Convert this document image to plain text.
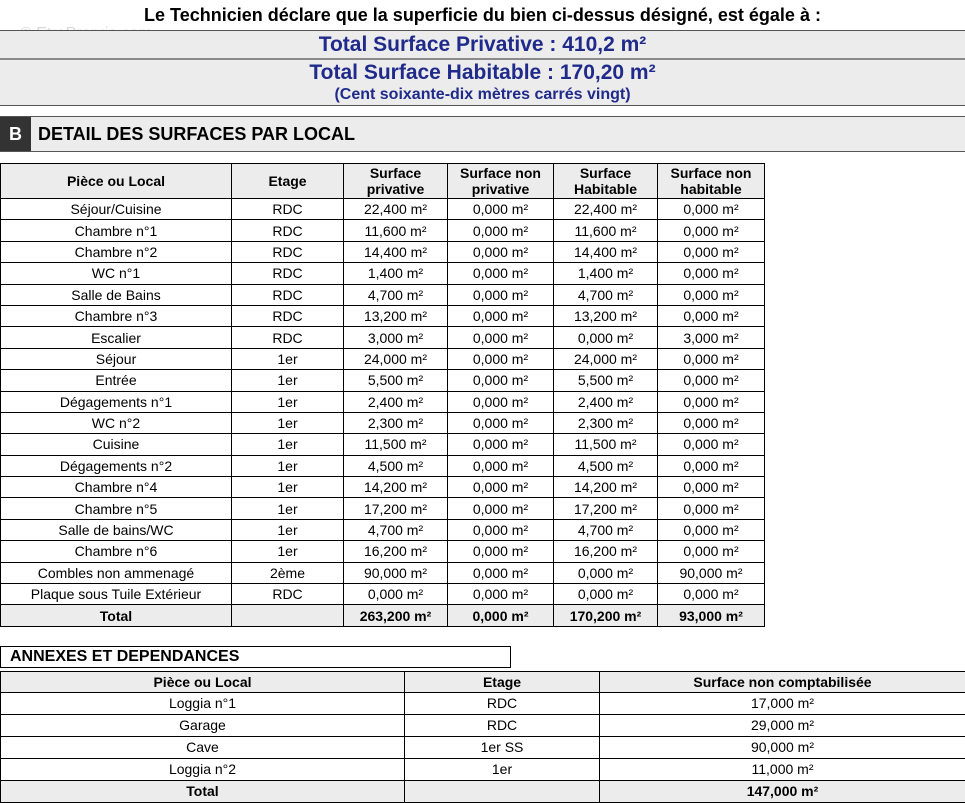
Le Technicien déclare que la superficie du bien ci-dessus désigné, est égale à :
Total Surface Privative : 410,2 m²
Total Surface Habitable : 170,20 m²
(Cent soixante-dix mètres carrés vingt)
B DETAIL DES SURFACES PAR LOCAL
Pièce ou Local	Etage	Surface privative	Surface non privative	Surface Habitable	Surface non habitable
Séjour/Cuisine	RDC	22,400 m²	0,000 m²	22,400 m²	0,000 m²
Chambre n°1	RDC	11,600 m²	0,000 m²	11,600 m²	0,000 m²
Chambre n°2	RDC	14,400 m²	0,000 m²	14,400 m²	0,000 m²
WC n°1	RDC	1,400 m²	0,000 m²	1,400 m²	0,000 m²
Salle de Bains	RDC	4,700 m²	0,000 m²	4,700 m²	0,000 m²
Chambre n°3	RDC	13,200 m²	0,000 m²	13,200 m²	0,000 m²
Escalier	RDC	3,000 m²	0,000 m²	0,000 m²	3,000 m²
Séjour	1er	24,000 m²	0,000 m²	24,000 m²	0,000 m²
Entrée	1er	5,500 m²	0,000 m²	5,500 m²	0,000 m²
Dégagements n°1	1er	2,400 m²	0,000 m²	2,400 m²	0,000 m²
WC n°2	1er	2,300 m²	0,000 m²	2,300 m²	0,000 m²
Cuisine	1er	11,500 m²	0,000 m²	11,500 m²	0,000 m²
Dégagements n°2	1er	4,500 m²	0,000 m²	4,500 m²	0,000 m²
Chambre n°4	1er	14,200 m²	0,000 m²	14,200 m²	0,000 m²
Chambre n°5	1er	17,200 m²	0,000 m²	17,200 m²	0,000 m²
Salle de bains/WC	1er	4,700 m²	0,000 m²	4,700 m²	0,000 m²
Chambre n°6	1er	16,200 m²	0,000 m²	16,200 m²	0,000 m²
Combles non ammenagé	2ème	90,000 m²	0,000 m²	0,000 m²	90,000 m²
Plaque sous Tuile Extérieur	RDC	0,000 m²	0,000 m²	0,000 m²	0,000 m²
Total		263,200 m²	0,000 m²	170,200 m²	93,000 m²
ANNEXES ET DEPENDANCES
Pièce ou Local	Etage	Surface non comptabilisée
Loggia n°1	RDC	17,000 m²
Garage	RDC	29,000 m²
Cave	1er SS	90,000 m²
Loggia n°2	1er	11,000 m²
Total		147,000 m²
